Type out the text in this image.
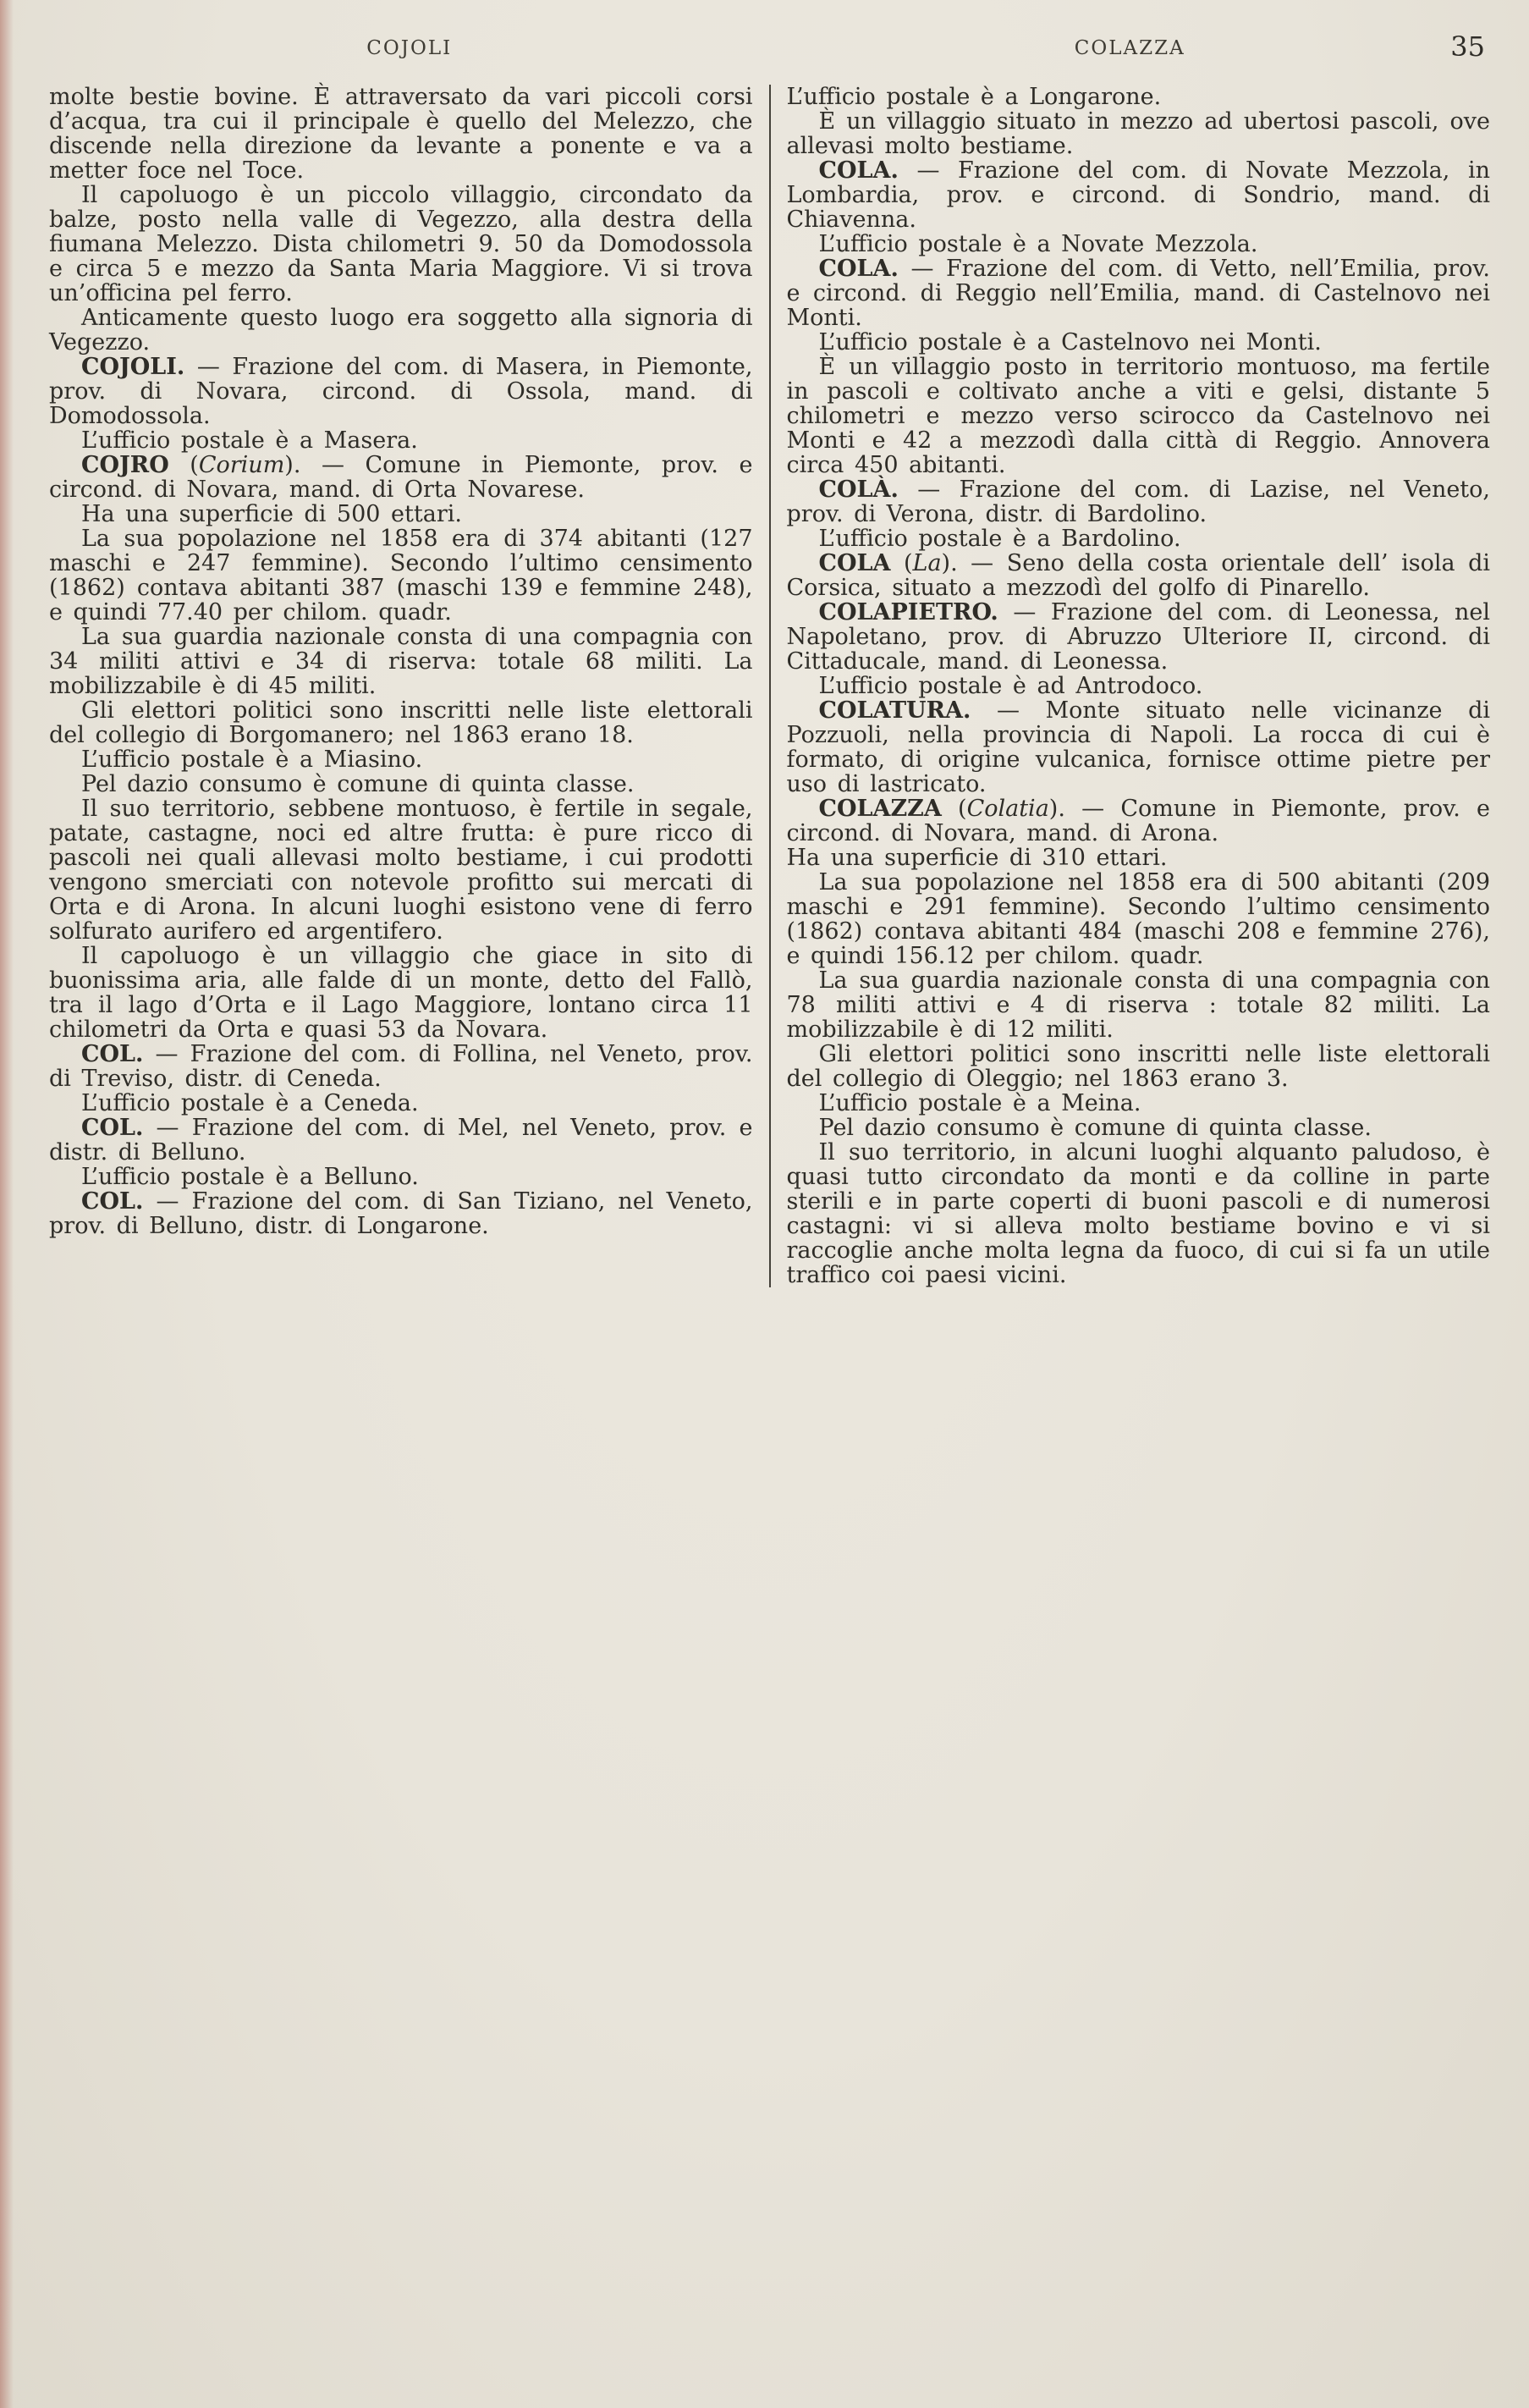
COJOLI	COLAZZA	35

molte bestie bovine. È attraversato da vari piccoli corsi d’acqua, tra cui il principale è quello del Melezzo, che discende nella direzione da levante a ponente e va a metter foce nel Toce.

Il capoluogo è un piccolo villaggio, circondato da balze, posto nella valle di Vegezzo, alla destra della fiumana Melezzo. Dista chilometri 9. 50 da Domodossola e circa 5 e mezzo da Santa Maria Maggiore. Vi si trova un’officina pel ferro.

Anticamente questo luogo era soggetto alla signoria di Vegezzo.

COJOLI. — Frazione del com. di Masera, in Piemonte, prov. di Novara, circond. di Ossola, mand. di Domodossola.

L’ufficio postale è a Masera.

COJRO (Corium). — Comune in Piemonte, prov. e circond. di Novara, mand. di Orta Novarese.

Ha una superficie di 500 ettari.

La sua popolazione nel 1858 era di 374 abitanti (127 maschi e 247 femmine). Secondo l’ultimo censimento (1862) contava abitanti 387 (maschi 139 e femmine 248), e quindi 77.40 per chilom. quadr.

La sua guardia nazionale consta di una compagnia con 34 militi attivi e 34 di riserva: totale 68 militi. La mobilizzabile è di 45 militi.

Gli elettori politici sono inscritti nelle liste elettorali del collegio di Borgomanero; nel 1863 erano 18.

L’ufficio postale è a Miasino.

Pel dazio consumo è comune di quinta classe.

Il suo territorio, sebbene montuoso, è fertile in segale, patate, castagne, noci ed altre frutta: è pure ricco di pascoli nei quali allevasi molto bestiame, i cui prodotti vengono smerciati con notevole profitto sui mercati di Orta e di Arona. In alcuni luoghi esistono vene di ferro solfurato aurifero ed argentifero.

Il capoluogo è un villaggio che giace in sito di buonissima aria, alle falde di un monte, detto del Fallò, tra il lago d’Orta e il Lago Maggiore, lontano circa 11 chilometri da Orta e quasi 53 da Novara.

COL. — Frazione del com. di Follina, nel Veneto, prov. di Treviso, distr. di Ceneda.

L’ufficio postale è a Ceneda.

COL. — Frazione del com. di Mel, nel Veneto, prov. e distr. di Belluno.

L’ufficio postale è a Belluno.

COL. — Frazione del com. di San Tiziano, nel Veneto, prov. di Belluno, distr. di Longarone.

L’ufficio postale è a Longarone.

È un villaggio situato in mezzo ad ubertosi pascoli, ove allevasi molto bestiame.

COLA. — Frazione del com. di Novate Mezzola, in Lombardia, prov. e circond. di Sondrio, mand. di Chiavenna.

L’ufficio postale è a Novate Mezzola.

COLA. — Frazione del com. di Vetto, nell’Emilia, prov. e circond. di Reggio nell’Emilia, mand. di Castelnovo nei Monti.

L’ufficio postale è a Castelnovo nei Monti.

È un villaggio posto in territorio montuoso, ma fertile in pascoli e coltivato anche a viti e gelsi, distante 5 chilometri e mezzo verso scirocco da Castelnovo nei Monti e 42 a mezzodì dalla città di Reggio. Annovera circa 450 abitanti.

COLÀ. — Frazione del com. di Lazise, nel Veneto, prov. di Verona, distr. di Bardolino.

L’ufficio postale è a Bardolino.

COLA (La). — Seno della costa orientale dell’ isola di Corsica, situato a mezzodì del golfo di Pinarello.

COLAPIETRO. — Frazione del com. di Leonessa, nel Napoletano, prov. di Abruzzo Ulteriore II, circond. di Cittaducale, mand. di Leonessa.

L’ufficio postale è ad Antrodoco.

COLATURA. — Monte situato nelle vicinanze di Pozzuoli, nella provincia di Napoli. La rocca di cui è formato, di origine vulcanica, fornisce ottime pietre per uso di lastricato.

COLAZZA (Colatia). — Comune in Piemonte, prov. e circond. di Novara, mand. di Arona.

Ha una superficie di 310 ettari.

La sua popolazione nel 1858 era di 500 abitanti (209 maschi e 291 femmine). Secondo l’ultimo censimento (1862) contava abitanti 484 (maschi 208 e femmine 276), e quindi 156.12 per chilom. quadr.

La sua guardia nazionale consta di una compagnia con 78 militi attivi e 4 di riserva : totale 82 militi. La mobilizzabile è di 12 militi.

Gli elettori politici sono inscritti nelle liste elettorali del collegio di Oleggio; nel 1863 erano 3.

L’ufficio postale è a Meina.

Pel dazio consumo è comune di quinta classe.

Il suo territorio, in alcuni luoghi alquanto paludoso, è quasi tutto circondato da monti e da colline in parte sterili e in parte coperti di buoni pascoli e di numerosi castagni: vi si alleva molto bestiame bovino e vi si raccoglie anche molta legna da fuoco, di cui si fa un utile traffico coi paesi vicini.
